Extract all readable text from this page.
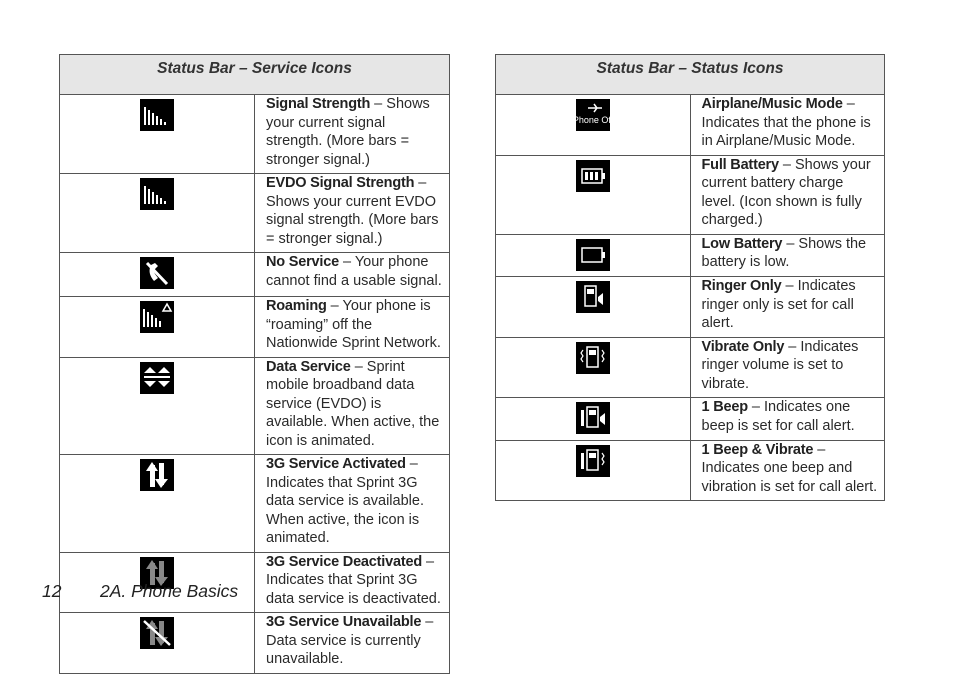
Status Bar – Service Icons	

	Signal Strength – Shows your current signal strength. (More bars = stronger signal.)

	EVDO Signal Strength – Shows your current EVDO signal strength. (More bars = stronger signal.)

	No Service – Your phone cannot find a usable signal.

	Roaming – Your phone is “roaming” off the Nationwide Sprint Network.

	Data Service – Sprint mobile broadband data service (EVDO) is available. When active, the icon is animated.

	3G Service Activated – Indicates that Sprint 3G data service is available. When active, the icon is animated.

	3G Service Deactivated – Indicates that Sprint 3G data service is deactivated.

	3G Service Unavailable – Data service is currently unavailable.
Status Bar – Status Icons	

Phone Off	Airplane/Music Mode – Indicates that the phone is in Airplane/Music Mode.

	Full Battery – Shows your current battery charge level. (Icon shown is fully charged.)

	Low Battery – Shows the battery is low.

	Ringer Only – Indicates ringer only is set for call alert.

	Vibrate Only – Indicates ringer volume is set to vibrate.

	1 Beep – Indicates one beep is set for call alert.

	1 Beep & Vibrate – Indicates one beep and vibration is set for call alert.
12 2A. Phone Basics
